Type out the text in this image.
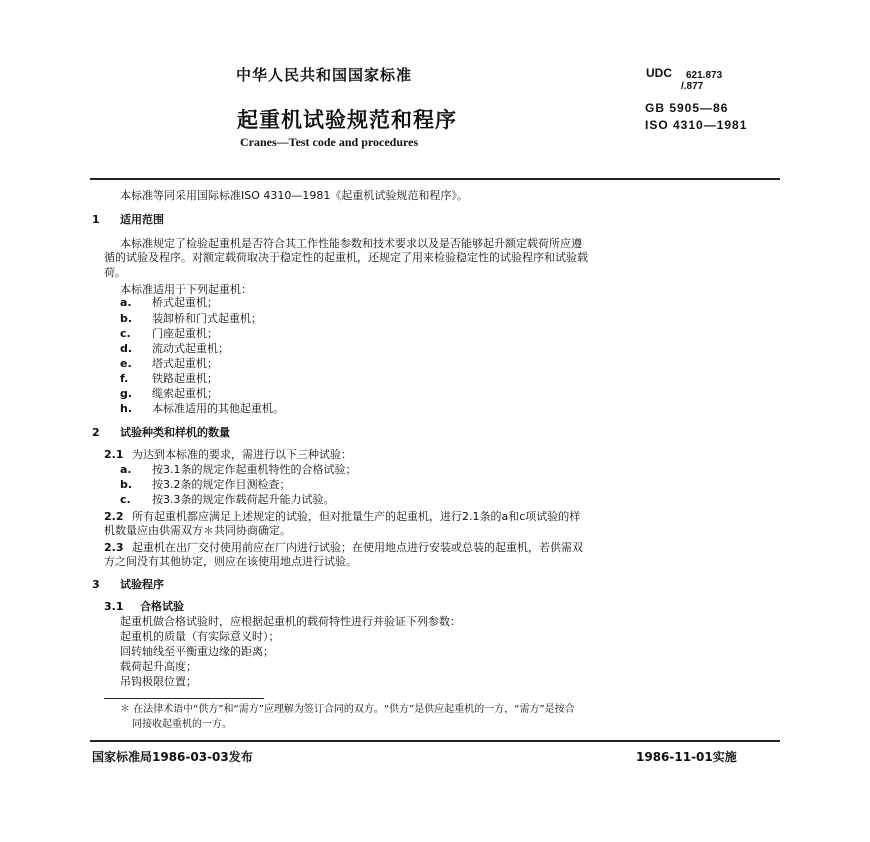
中华人民共和国国家标准
起重机试验规范和程序
Cranes—Test code and procedures
UDC 621.873
/.877
GB 5905—86
ISO 4310—1981
本标准等同采用国际标准ISO 4310—1981《起重机试验规范和程序》。
1 适用范围
本标准规定了检验起重机是否符合其工作性能参数和技术要求以及是否能够起升额定载荷所应遵
循的试验及程序。对额定载荷取决于稳定性的起重机，还规定了用来检验稳定性的试验程序和试验载
荷。
本标准适用于下列起重机：
a. 桥式起重机；
b. 装卸桥和门式起重机；
c. 门座起重机；
d. 流动式起重机；
e. 塔式起重机；
f. 铁路起重机；
g. 缆索起重机；
h. 本标准适用的其他起重机。
2 试验种类和样机的数量
2.1 为达到本标准的要求，需进行以下三种试验：
a. 按3.1条的规定作起重机特性的合格试验；
b. 按3.2条的规定作目测检查；
c. 按3.3条的规定作载荷起升能力试验。
2.2 所有起重机都应满足上述规定的试验，但对批量生产的起重机，进行2.1条的a和c项试验的样
机数量应由供需双方＊共同协商确定。
2.3 起重机在出厂交付使用前应在厂内进行试验；在使用地点进行安装或总装的起重机，若供需双
方之间没有其他协定，则应在该使用地点进行试验。
3 试验程序
3.1 合格试验
起重机做合格试验时，应根据起重机的载荷特性进行并验证下列参数：
起重机的质量（有实际意义时）；
回转轴线至平衡重边缘的距离；
载荷起升高度；
吊钩极限位置；
＊ 在法律术语中“供方”和“需方”应理解为签订合同的双方。“供方”是供应起重机的一方，“需方”是按合
同接收起重机的一方。
国家标准局1986-03-03发布	1986-11-01实施
